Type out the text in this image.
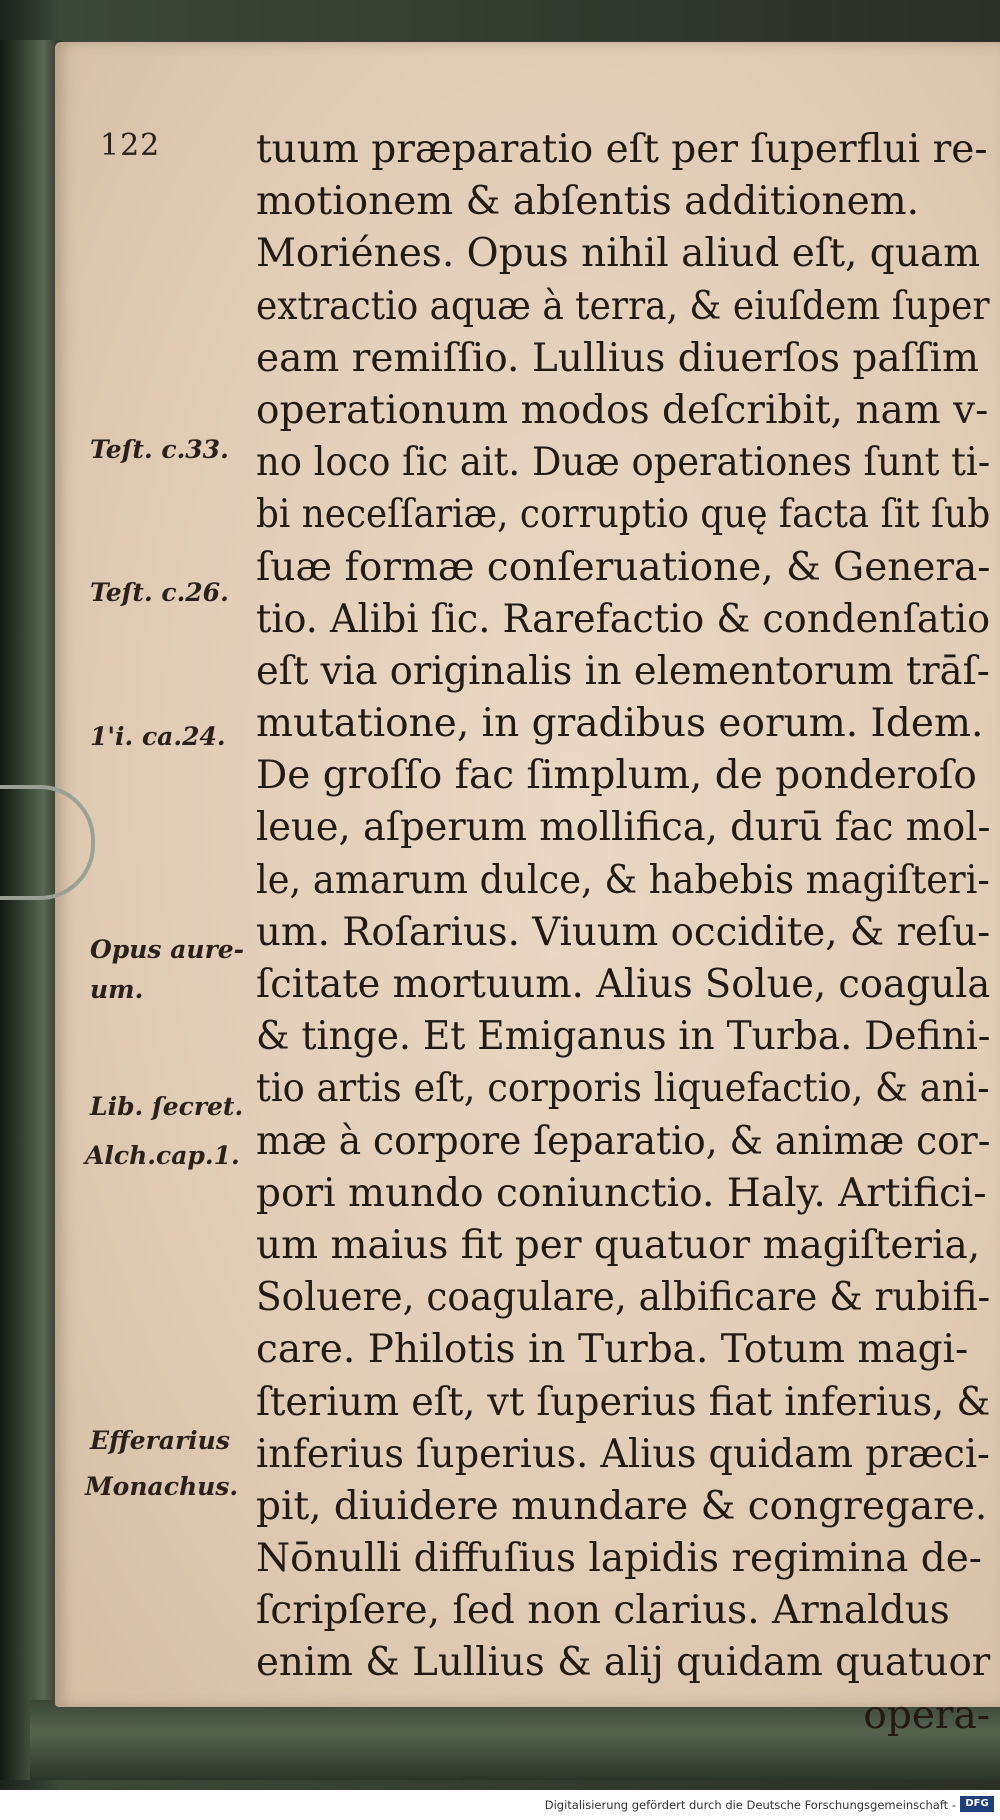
122 tuum præparatio eſt per ſuperflui re-
motionem & abſentis additionem.
Moriénes. Opus nihil aliud eſt, quam
extractio aquæ à terra, & eiuſdem ſuper
eam remiſſio. Lullius diuerſos paſſim
operationum modos deſcribit, nam v-
no loco ſic ait. Duæ operationes ſunt ti-
bi neceſſariæ, corruptio quę facta ſit ſub
ſuæ formæ conſeruatione, & Genera-
tio. Alibi ſic. Rarefactio & condenſatio
eſt via originalis in elementorum trāſ-
mutatione, in gradibus eorum. Idem.
De groſſo fac ſimplum, de ponderoſo
leue, aſperum mollifica, durū fac mol-
le, amarum dulce, & habebis magiſteri-
um. Roſarius. Viuum occidite, & reſu-
ſcitate mortuum. Alius Solue, coagula
& tinge. Et Emiganus in Turba. Defini-
tio artis eſt, corporis liquefactio, & ani-
mæ à corpore ſeparatio, & animæ cor-
pori mundo coniunctio. Haly. Artifici-
um maius fit per quatuor magiſteria,
Soluere, coagulare, albificare & rubifi-
care. Philotis in Turba. Totum magi-
ſterium eſt, vt ſuperius fiat inferius, &
inferius ſuperius. Alius quidam præci-
pit, diuidere mundare & congregare.
Nōnulli diffuſius lapidis regimina de-
ſcripſere, ſed non clarius. Arnaldus
enim & Lullius & alij quidam quatuor
opera-
Teſt. c.33.
Teſt. c.26.
1'i. ca.24.
Opus aure-
um.
Lib. ſecret.
Alch.cap.1.
Efferarius
Monachus.
Digitalisierung gefördert durch die Deutsche Forschungsgemeinschaft - DFG
